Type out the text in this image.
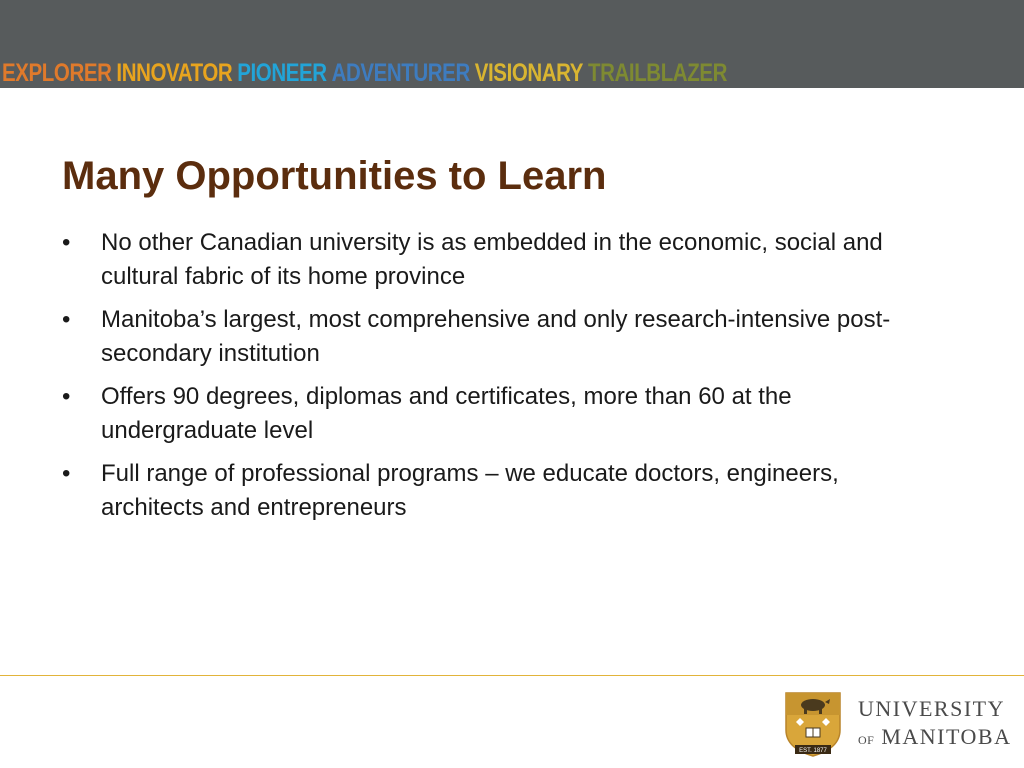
EXPLORER INNOVATOR PIONEER ADVENTURER VISIONARY TRAILBLAZER
Many Opportunities to Learn
•	No other Canadian university is as embedded in the economic, social and cultural fabric of its home province
•	Manitoba’s largest, most comprehensive and only research-intensive post-secondary institution
•	Offers 90 degrees, diplomas and certificates, more than 60 at the undergraduate level
•	Full range of professional programs – we educate doctors, engineers, architects and entrepreneurs
EST. 1877
UNIVERSITY
OF MANITOBA
